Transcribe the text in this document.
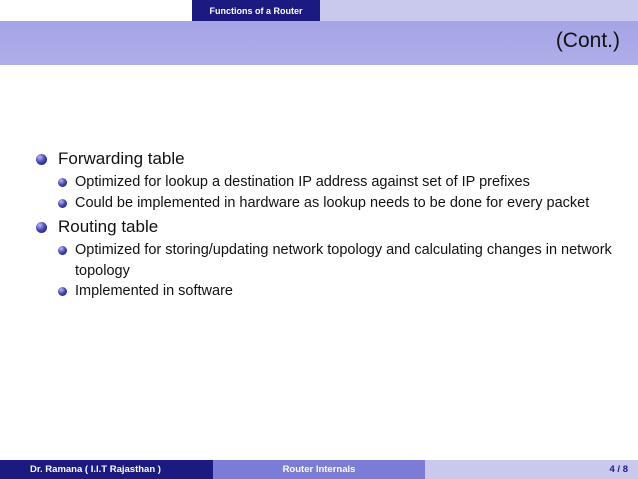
Functions of a Router
(Cont.)
Forwarding table
Optimized for lookup a destination IP address against set of IP prefixes
Could be implemented in hardware as lookup needs to be done for every packet
Routing table
Optimized for storing/updating network topology and calculating changes in network topology
Implemented in software
Dr. Ramana ( I.I.T Rajasthan )	Router Internals	4 / 8
